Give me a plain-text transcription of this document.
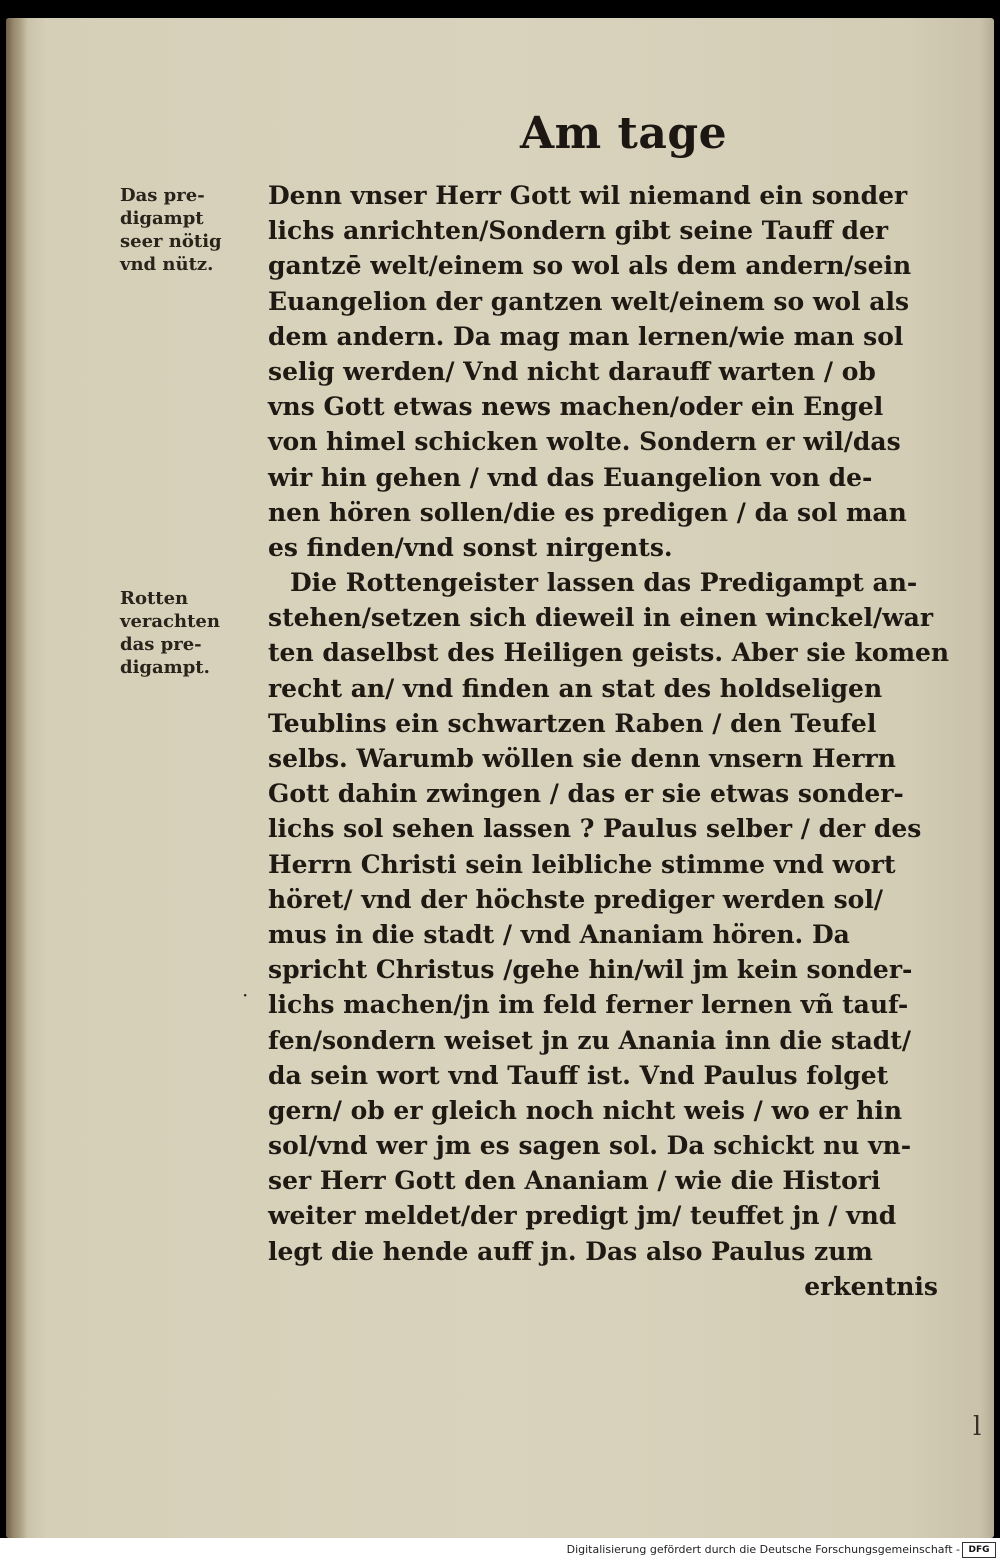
Am tage
Das pre-
digampt
seer nötig
vnd nütz.
Rotten
verachten
das pre-
digampt.
·
Denn vnser Herr Gott wil niemand ein sonder
lichs anrichten/Sondern gibt seine Tauff der
gantzē welt/einem so wol als dem andern/sein
Euangelion der gantzen welt/einem so wol als
dem andern. Da mag man lernen/wie man sol
selig werden/ Vnd nicht darauff warten / ob
vns Gott etwas news machen/oder ein Engel
von himel schicken wolte. Sondern er wil/das
wir hin gehen / vnd das Euangelion von de-
nen hören sollen/die es predigen / da sol man
es finden/vnd sonst nirgents.
Die Rottengeister lassen das Predigampt an-
stehen/setzen sich dieweil in einen winckel/war
ten daselbst des Heiligen geists. Aber sie komen
recht an/ vnd finden an stat des holdseligen
Teublins ein schwartzen Raben / den Teufel
selbs. Warumb wöllen sie denn vnsern Herrn
Gott dahin zwingen / das er sie etwas sonder-
lichs sol sehen lassen ? Paulus selber / der des
Herrn Christi sein leibliche stimme vnd wort
höret/ vnd der höchste prediger werden sol/
mus in die stadt / vnd Ananiam hören. Da
spricht Christus /gehe hin/wil jm kein sonder-
lichs machen/jn im feld ferner lernen vñ tauf-
fen/sondern weiset jn zu Anania inn die stadt/
da sein wort vnd Tauff ist. Vnd Paulus folget
gern/ ob er gleich noch nicht weis / wo er hin
sol/vnd wer jm es sagen sol. Da schickt nu vn-
ser Herr Gott den Ananiam / wie die Histori
weiter meldet/der predigt jm/ teuffet jn / vnd
legt die hende auff jn. Das also Paulus zum
erkentnis
l
Digitalisierung gefördert durch die Deutsche Forschungsgemeinschaft - DFG
